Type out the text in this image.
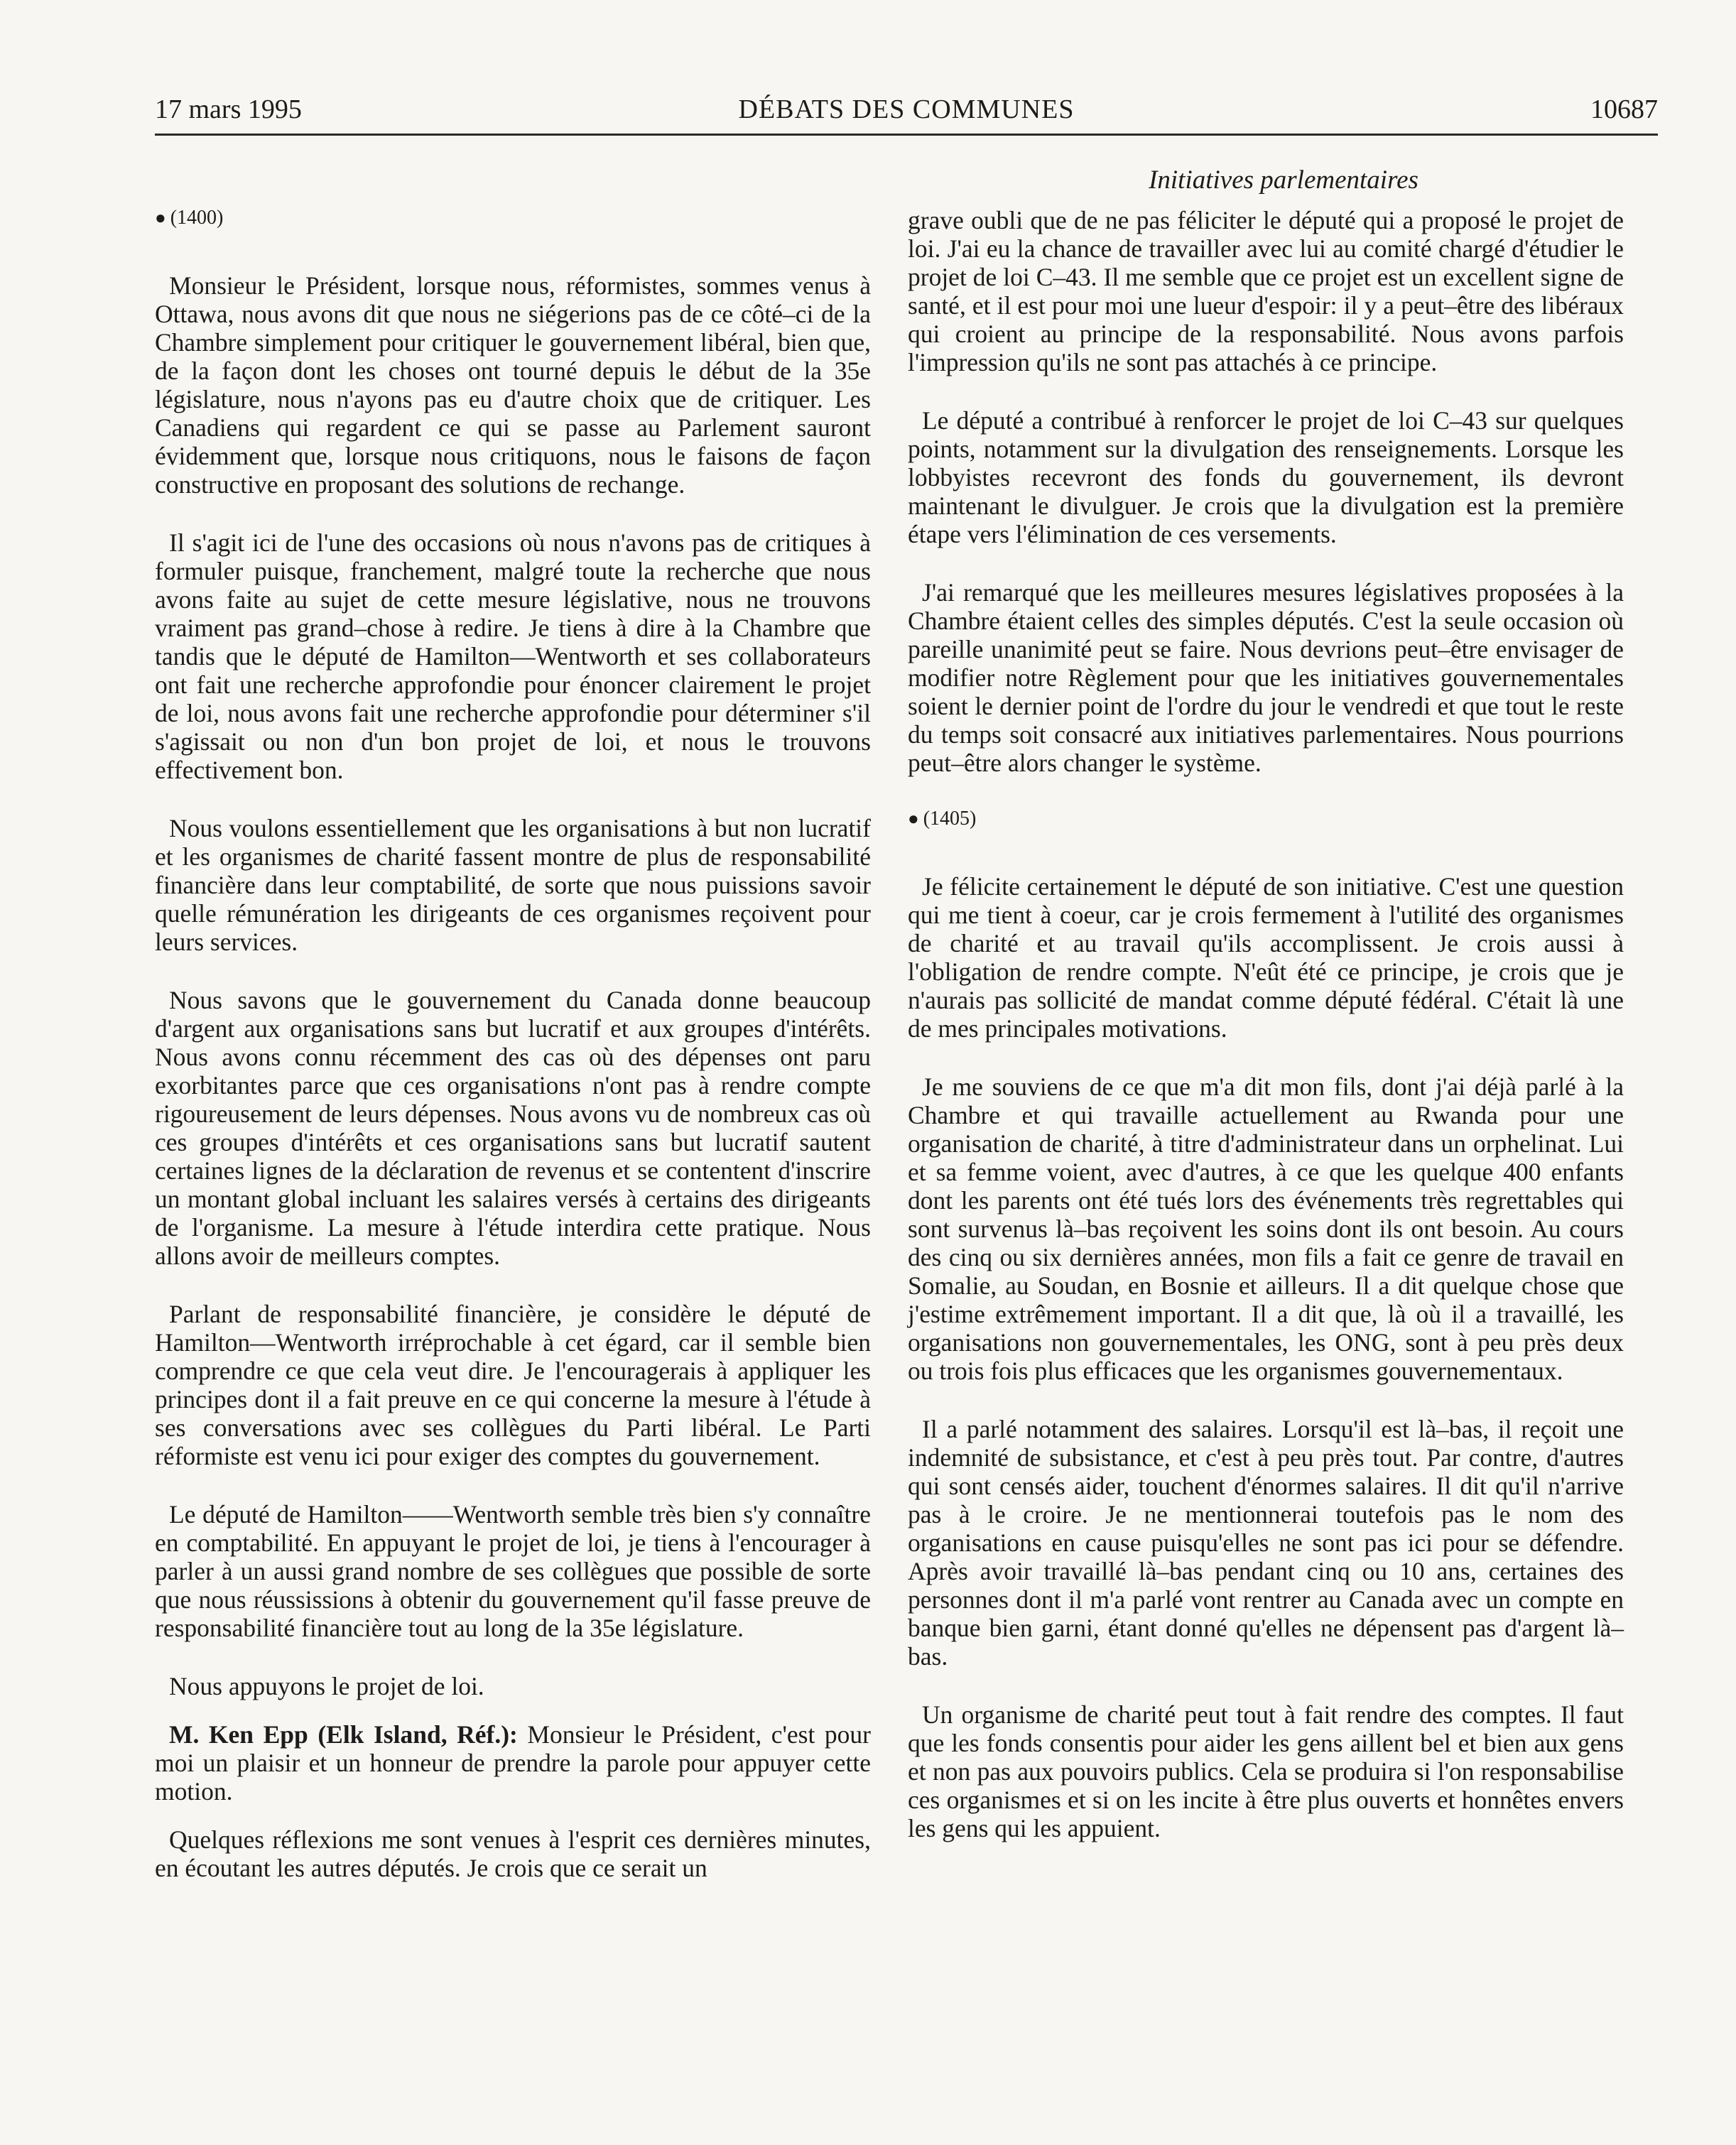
DÉBATS DES COMMUNES
17 mars 1995	10687
Initiatives parlementaires
● (1400)

Monsieur le Président, lorsque nous, réformistes, sommes venus à Ottawa, nous avons dit que nous ne siégerions pas de ce côté–ci de la Chambre simplement pour critiquer le gouvernement libéral, bien que, de la façon dont les choses ont tourné depuis le début de la 35e législature, nous n'ayons pas eu d'autre choix que de critiquer. Les Canadiens qui regardent ce qui se passe au Parlement sauront évidemment que, lorsque nous critiquons, nous le faisons de façon constructive en proposant des solutions de rechange.

Il s'agit ici de l'une des occasions où nous n'avons pas de critiques à formuler puisque, franchement, malgré toute la recherche que nous avons faite au sujet de cette mesure législative, nous ne trouvons vraiment pas grand–chose à redire. Je tiens à dire à la Chambre que tandis que le député de Hamilton—Wentworth et ses collaborateurs ont fait une recherche approfondie pour énoncer clairement le projet de loi, nous avons fait une recherche approfondie pour déterminer s'il s'agissait ou non d'un bon projet de loi, et nous le trouvons effectivement bon.

Nous voulons essentiellement que les organisations à but non lucratif et les organismes de charité fassent montre de plus de responsabilité financière dans leur comptabilité, de sorte que nous puissions savoir quelle rémunération les dirigeants de ces organismes reçoivent pour leurs services.

Nous savons que le gouvernement du Canada donne beaucoup d'argent aux organisations sans but lucratif et aux groupes d'intérêts. Nous avons connu récemment des cas où des dépenses ont paru exorbitantes parce que ces organisations n'ont pas à rendre compte rigoureusement de leurs dépenses. Nous avons vu de nombreux cas où ces groupes d'intérêts et ces organisations sans but lucratif sautent certaines lignes de la déclaration de revenus et se contentent d'inscrire un montant global incluant les salaires versés à certains des dirigeants de l'organisme. La mesure à l'étude interdira cette pratique. Nous allons avoir de meilleurs comptes.

Parlant de responsabilité financière, je considère le député de Hamilton—Wentworth irréprochable à cet égard, car il semble bien comprendre ce que cela veut dire. Je l'encouragerais à appliquer les principes dont il a fait preuve en ce qui concerne la mesure à l'étude à ses conversations avec ses collègues du Parti libéral. Le Parti réformiste est venu ici pour exiger des comptes du gouvernement.

Le député de Hamilton——Wentworth semble très bien s'y connaître en comptabilité. En appuyant le projet de loi, je tiens à l'encourager à parler à un aussi grand nombre de ses collègues que possible de sorte que nous réussissions à obtenir du gouvernement qu'il fasse preuve de responsabilité financière tout au long de la 35e législature.

Nous appuyons le projet de loi.

M. Ken Epp (Elk Island, Réf.): Monsieur le Président, c'est pour moi un plaisir et un honneur de prendre la parole pour appuyer cette motion.

Quelques réflexions me sont venues à l'esprit ces dernières minutes, en écoutant les autres députés. Je crois que ce serait un

grave oubli que de ne pas féliciter le député qui a proposé le projet de loi. J'ai eu la chance de travailler avec lui au comité chargé d'étudier le projet de loi C–43. Il me semble que ce projet est un excellent signe de santé, et il est pour moi une lueur d'espoir: il y a peut–être des libéraux qui croient au principe de la responsabilité. Nous avons parfois l'impression qu'ils ne sont pas attachés à ce principe.

Le député a contribué à renforcer le projet de loi C–43 sur quelques points, notamment sur la divulgation des renseignements. Lorsque les lobbyistes recevront des fonds du gouvernement, ils devront maintenant le divulguer. Je crois que la divulgation est la première étape vers l'élimination de ces versements.

J'ai remarqué que les meilleures mesures législatives proposées à la Chambre étaient celles des simples députés. C'est la seule occasion où pareille unanimité peut se faire. Nous devrions peut–être envisager de modifier notre Règlement pour que les initiatives gouvernementales soient le dernier point de l'ordre du jour le vendredi et que tout le reste du temps soit consacré aux initiatives parlementaires. Nous pourrions peut–être alors changer le système.

● (1405)

Je félicite certainement le député de son initiative. C'est une question qui me tient à coeur, car je crois fermement à l'utilité des organismes de charité et au travail qu'ils accomplissent. Je crois aussi à l'obligation de rendre compte. N'eût été ce principe, je crois que je n'aurais pas sollicité de mandat comme député fédéral. C'était là une de mes principales motivations.

Je me souviens de ce que m'a dit mon fils, dont j'ai déjà parlé à la Chambre et qui travaille actuellement au Rwanda pour une organisation de charité, à titre d'administrateur dans un orphelinat. Lui et sa femme voient, avec d'autres, à ce que les quelque 400 enfants dont les parents ont été tués lors des événements très regrettables qui sont survenus là–bas reçoivent les soins dont ils ont besoin. Au cours des cinq ou six dernières années, mon fils a fait ce genre de travail en Somalie, au Soudan, en Bosnie et ailleurs. Il a dit quelque chose que j'estime extrêmement important. Il a dit que, là où il a travaillé, les organisations non gouvernementales, les ONG, sont à peu près deux ou trois fois plus efficaces que les organismes gouvernementaux.

Il a parlé notamment des salaires. Lorsqu'il est là–bas, il reçoit une indemnité de subsistance, et c'est à peu près tout. Par contre, d'autres qui sont censés aider, touchent d'énormes salaires. Il dit qu'il n'arrive pas à le croire. Je ne mentionnerai toutefois pas le nom des organisations en cause puisqu'elles ne sont pas ici pour se défendre. Après avoir travaillé là–bas pendant cinq ou 10 ans, certaines des personnes dont il m'a parlé vont rentrer au Canada avec un compte en banque bien garni, étant donné qu'elles ne dépensent pas d'argent là–bas.

Un organisme de charité peut tout à fait rendre des comptes. Il faut que les fonds consentis pour aider les gens aillent bel et bien aux gens et non pas aux pouvoirs publics. Cela se produira si l'on responsabilise ces organismes et si on les incite à être plus ouverts et honnêtes envers les gens qui les appuient.
